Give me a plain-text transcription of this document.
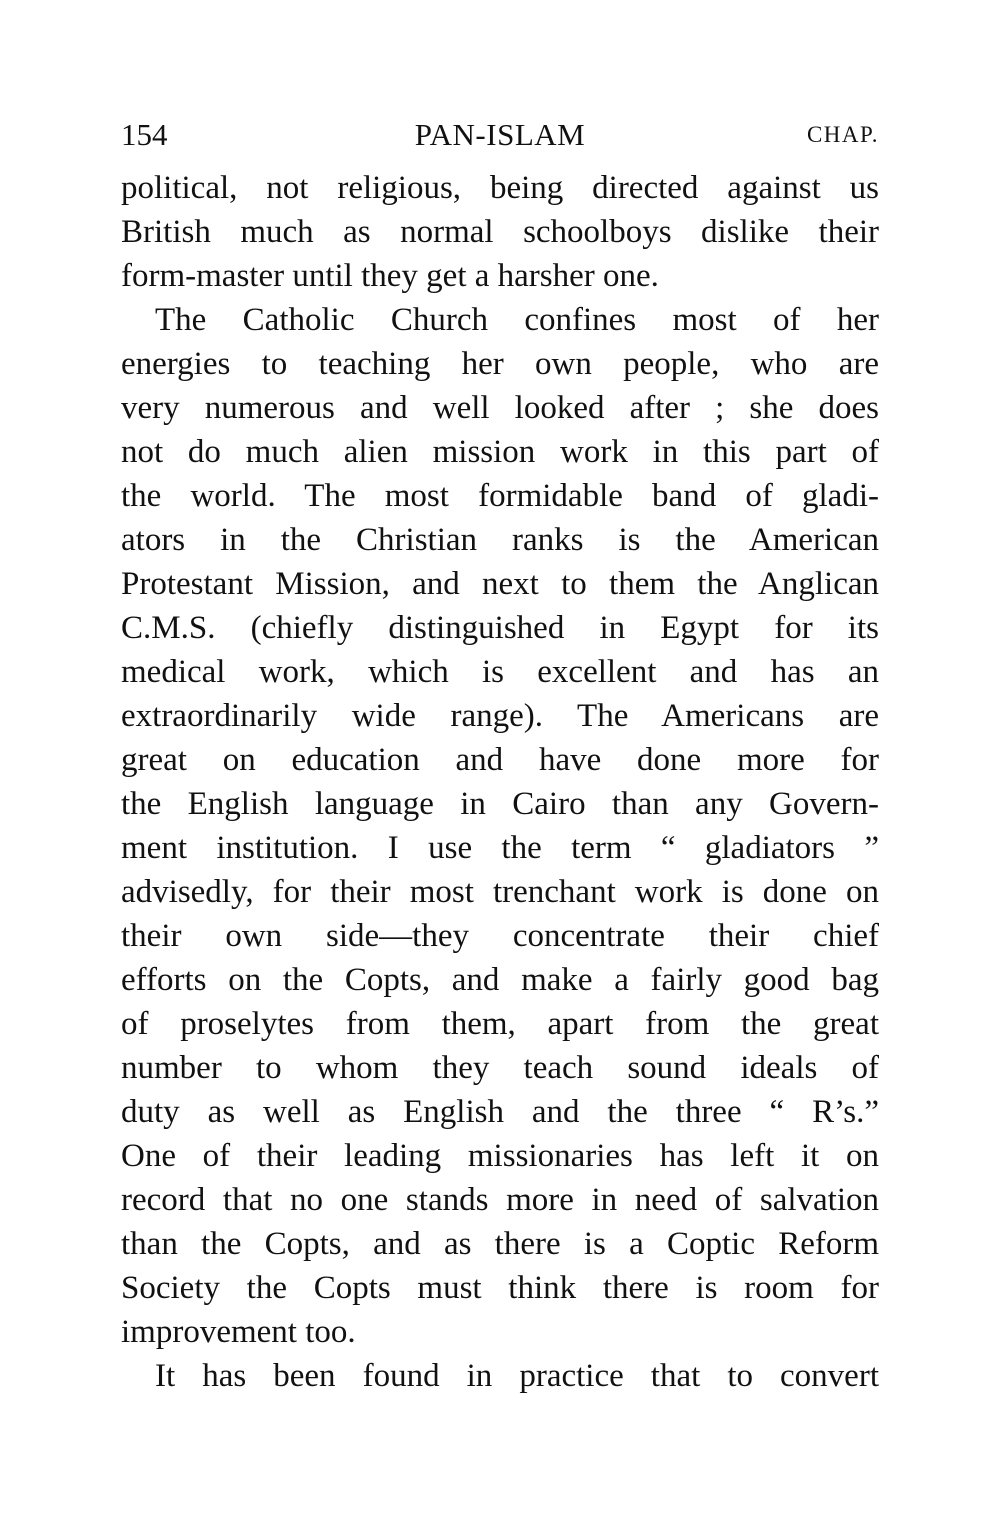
154	PAN-ISLAM	CHAP.
political, not religious, being directed against us
British much as normal schoolboys dislike their
form-master until they get a harsher one.
The Catholic Church confines most of her
energies to teaching her own people, who are
very numerous and well looked after ; she does
not do much alien mission work in this part of
the world. The most formidable band of gladi-
ators in the Christian ranks is the American
Protestant Mission, and next to them the Anglican
C.M.S. (chiefly distinguished in Egypt for its
medical work, which is excellent and has an
extraordinarily wide range). The Americans are
great on education and have done more for
the English language in Cairo than any Govern-
ment institution. I use the term “ gladiators ”
advisedly, for their most trenchant work is done on
their own side—they concentrate their chief
efforts on the Copts, and make a fairly good bag
of proselytes from them, apart from the great
number to whom they teach sound ideals of
duty as well as English and the three “ R’s.”
One of their leading missionaries has left it on
record that no one stands more in need of salvation
than the Copts, and as there is a Coptic Reform
Society the Copts must think there is room for
improvement too.
It has been found in practice that to convert
